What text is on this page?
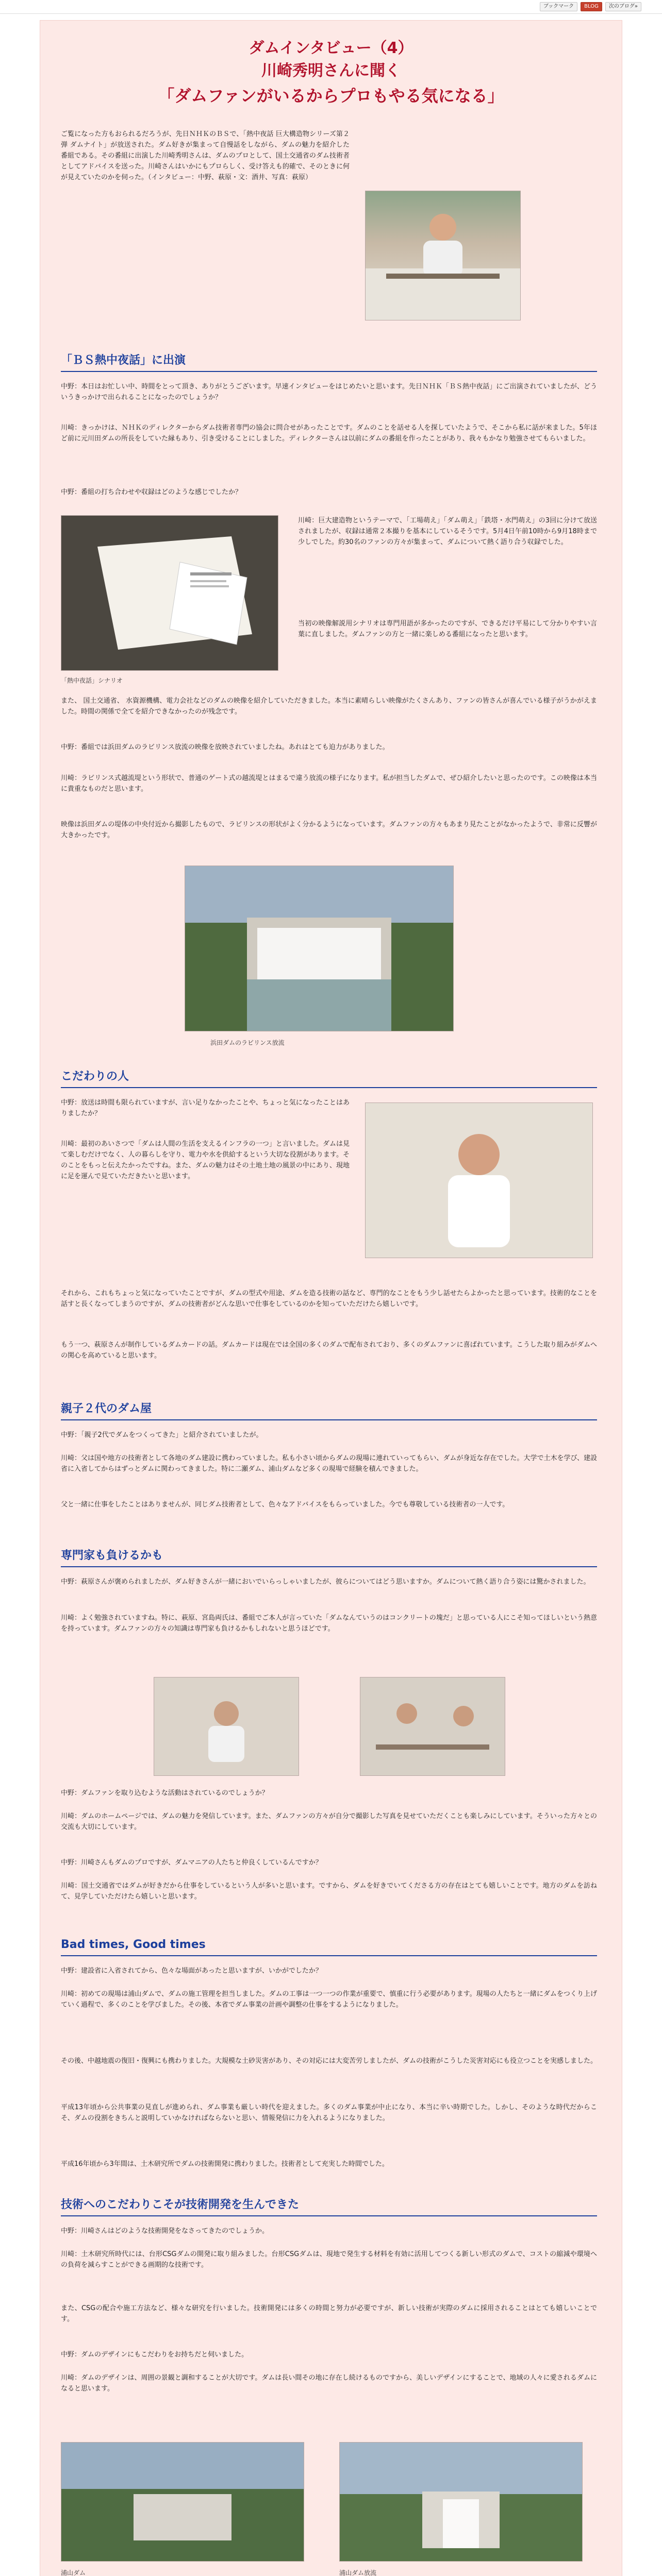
ブックマーク	BLOG	次のブログ»
ダムインタビュー（4）
川崎秀明さんに聞く
「ダムファンがいるからプロもやる気になる」
ご覧になった方もおられるだろうが、先日ＮＨＫのＢＳで、「熱中夜話 巨大構造物シリーズ第２弾 ダムナイト」が放送された。ダム好きが集まって自慢話をしながら、ダムの魅力を紹介した番組である。その番組に出演した川崎秀明さんは、ダムのプロとして、国土交通省のダム技術者としてアドバイスを送った。川崎さんはいかにもプロらしく、受け答えも的確で、そのときに何が見えていたのかを伺った。（インタビュー：中野、萩原・文：酒井、写真：萩原）
「ＢＳ熱中夜話」に出演
中野：本日はお忙しい中、時間をとって頂き、ありがとうございます。早速インタビューをはじめたいと思います。先日ＮＨＫ「ＢＳ熱中夜話」にご出演されていましたが、どういうきっかけで出られることになったのでしょうか？
川崎：きっかけは、ＮＨＫのディレクターからダム技術者専門の協会に問合せがあったことです。ダムのことを話せる人を探していたようで、そこから私に話が来ました。5年ほど前に元川田ダムの所長をしていた縁もあり、引き受けることにしました。ディレクターさんは以前にダムの番組を作ったことがあり、我々もかなり勉強させてもらいました。
中野：番組の打ち合わせや収録はどのような感じでしたか？
「熱中夜話」シナリオ
川崎：巨大建造物というテーマで、「工場萌え」「ダム萌え」「鉄塔・水門萌え」の3回に分けて放送されましたが、収録は通常２本撮りを基本にしているそうです。5月4日午前10時から9月18時まで少しでした。約30名のファンの方々が集まって、ダムについて熱く語り合う収録でした。
当初の映像解説用シナリオは専門用語が多かったのですが、できるだけ平易にして分かりやすい言葉に直しました。ダムファンの方と一緒に楽しめる番組になったと思います。
また、 国土交通省、 水資源機構、電力会社などのダムの映像を紹介していただきました。本当に素晴らしい映像がたくさんあり、ファンの皆さんが喜んでいる様子がうかがえました。時間の関係で全てを紹介できなかったのが残念です。
中野：番組では浜田ダムのラビリンス放流の映像を放映されていましたね。あれはとても迫力がありました。
川崎：ラビリンス式越流堤という形状で、普通のゲート式の越流堤とはまるで違う放流の様子になります。私が担当したダムで、ぜひ紹介したいと思ったのです。この映像は本当に貴重なものだと思います。
映像は浜田ダムの堤体の中央付近から撮影したもので、ラビリンスの形状がよく分かるようになっています。ダムファンの方々もあまり見たことがなかったようで、非常に反響が大きかったです。
浜田ダムのラビリンス放流
こだわりの人
中野：放送は時間も限られていますが、言い足りなかったことや、ちょっと気になったことはありましたか？
川崎：最初のあいさつで「ダムは人間の生活を支えるインフラの一つ」と言いました。ダムは見て楽しむだけでなく、人の暮らしを守り、電力や水を供給するという大切な役割があります。そのことをもっと伝えたかったですね。また、ダムの魅力はその土地土地の風景の中にあり、現地に足を運んで見ていただきたいと思います。
それから、これもちょっと気になっていたことですが、ダムの型式や用途、ダムを造る技術の話など、専門的なことをもう少し話せたらよかったと思っています。技術的なことを話すと長くなってしまうのですが、ダムの技術者がどんな思いで仕事をしているのかを知っていただけたら嬉しいです。
もう一つ、萩原さんが制作しているダムカードの話。ダムカードは現在では全国の多くのダムで配布されており、多くのダムファンに喜ばれています。こうした取り組みがダムへの関心を高めていると思います。
親子２代のダム屋
中野：「親子2代でダムをつくってきた」と紹介されていましたが。
川崎：父は国や地方の技術者として各地のダム建設に携わっていました。私も小さい頃からダムの現場に連れていってもらい、ダムが身近な存在でした。大学で土木を学び、建設省に入省してからはずっとダムに関わってきました。特に二瀬ダム、浦山ダムなど多くの現場で経験を積んできました。
父と一緒に仕事をしたことはありませんが、同じダム技術者として、色々なアドバイスをもらっていました。今でも尊敬している技術者の一人です。
専門家も負けるかも
中野：萩原さんが褒められましたが、ダム好きさんが一緒においでいらっしゃいましたが、彼らについてはどう思いますか。ダムについて熱く語り合う姿には驚かされました。
川崎：よく勉強されていますね。特に、萩原、宮島両氏は、番組でご本人が言っていた「ダムなんていうのはコンクリートの塊だ」と思っている人にこそ知ってほしいという熱意を持っています。ダムファンの方々の知識は専門家も負けるかもしれないと思うほどです。
中野：ダムファンを取り込むような活動はされているのでしょうか？
川崎：ダムのホームページでは、ダムの魅力を発信しています。また、ダムファンの方々が自分で撮影した写真を見せていただくことも楽しみにしています。そういった方々との交流も大切にしています。
中野：川崎さんもダムのプロですが、ダムマニアの人たちと仲良くしているんですか？
川崎：国土交通省ではダムが好きだから仕事をしているという人が多いと思います。ですから、ダムを好きでいてくださる方の存在はとても嬉しいことです。地方のダムを訪ねて、見学していただけたら嬉しいと思います。
Bad times, Good times
中野：建設省に入省されてから、色々な場面があったと思いますが、いかがでしたか？
川崎：初めての現場は浦山ダムで、ダムの施工管理を担当しました。ダムの工事は一つ一つの作業が重要で、慎重に行う必要があります。現場の人たちと一緒にダムをつくり上げていく過程で、多くのことを学びました。その後、本省でダム事業の計画や調整の仕事をするようになりました。
その後、中越地震の復旧・復興にも携わりました。大規模な土砂災害があり、その対応には大変苦労しましたが、ダムの技術がこうした災害対応にも役立つことを実感しました。
平成13年頃から公共事業の見直しが進められ、ダム事業も厳しい時代を迎えました。多くのダム事業が中止になり、本当に辛い時期でした。しかし、そのような時代だからこそ、ダムの役割をきちんと説明していかなければならないと思い、情報発信に力を入れるようになりました。
平成16年頃から3年間は、土木研究所でダムの技術開発に携わりました。技術者として充実した時間でした。
技術へのこだわりこそが技術開発を生んできた
中野：川崎さんはどのような技術開発をなさってきたのでしょうか。
川崎：土木研究所時代には、台形CSGダムの開発に取り組みました。台形CSGダムは、現地で発生する材料を有効に活用してつくる新しい形式のダムで、コストの縮減や環境への負荷を減らすことができる画期的な技術です。
また、CSGの配合や施工方法など、様々な研究を行いました。技術開発には多くの時間と努力が必要ですが、新しい技術が実際のダムに採用されることはとても嬉しいことです。
中野：ダムのデザインにもこだわりをお持ちだと伺いました。
川崎：ダムのデザインは、周囲の景観と調和することが大切です。ダムは長い間その地に存在し続けるものですから、美しいデザインにすることで、地域の人々に愛されるダムになると思います。
浦山ダム	浦山ダム放流
